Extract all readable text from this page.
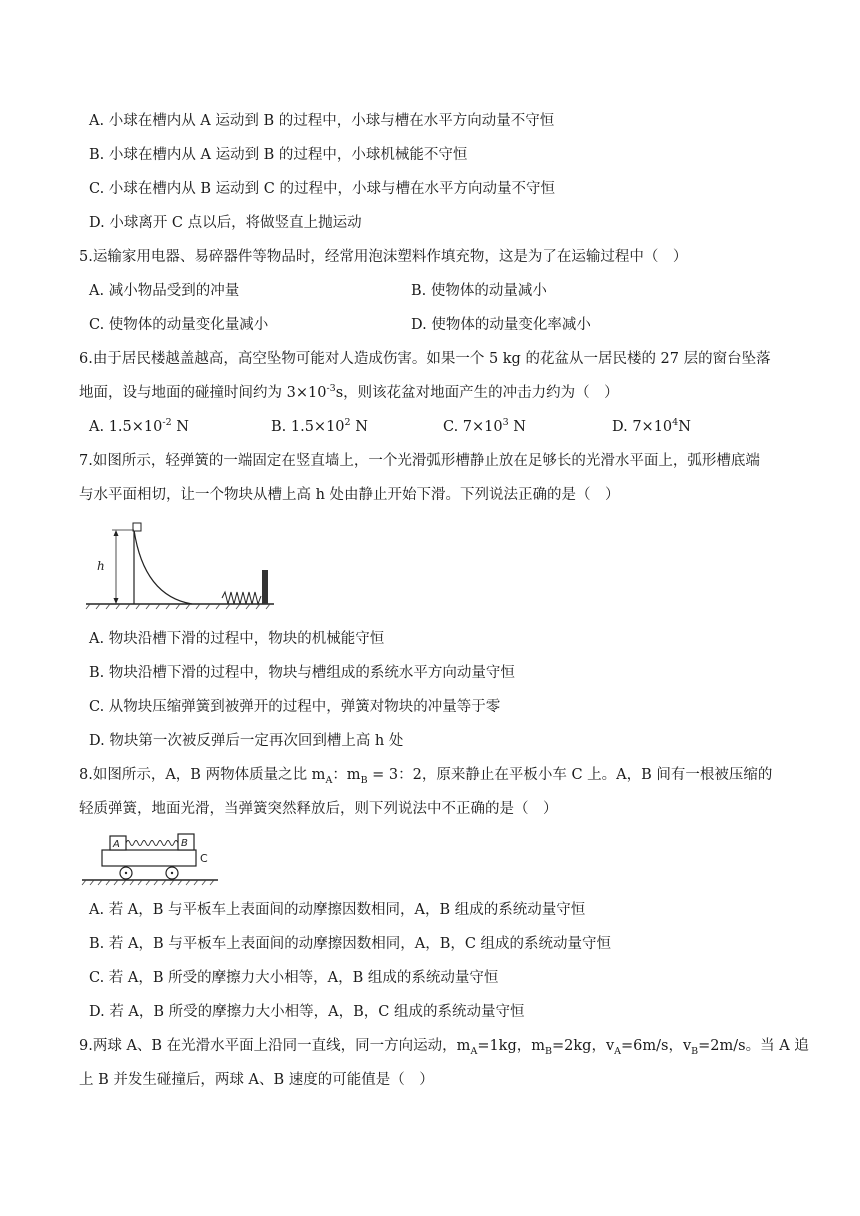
A. 小球在槽内从 A 运动到 B 的过程中，小球与槽在水平方向动量不守恒
B. 小球在槽内从 A 运动到 B 的过程中，小球机械能不守恒
C. 小球在槽内从 B 运动到 C 的过程中，小球与槽在水平方向动量不守恒
D. 小球离开 C 点以后，将做竖直上抛运动
5.运输家用电器、易碎器件等物品时，经常用泡沫塑料作填充物，这是为了在运输过程中（　）
A. 减小物品受到的冲量	B. 使物体的动量减小
C. 使物体的动量变化量减小	D. 使物体的动量变化率减小
6.由于居民楼越盖越高，高空坠物可能对人造成伤害。如果一个 5 kg 的花盆从一居民楼的 27 层的窗台坠落
地面，设与地面的碰撞时间约为 $3\times 10^{-3}s$，则该花盆对地面产生的冲击力约为（　）
A. $1.5\times 10^{-2}$ N	B. $1.5\times 10^2$ N	C. $7\times 10^3$ N	D. $7\times 10^4N$
7.如图所示，轻弹簧的一端固定在竖直墙上，一个光滑弧形槽静止放在足够长的光滑水平面上，弧形槽底端
与水平面相切，让一个物块从槽上高 h 处由静止开始下滑。下列说法正确的是（　）
h
A. 物块沿槽下滑的过程中，物块的机械能守恒
B. 物块沿槽下滑的过程中，物块与槽组成的系统水平方向动量守恒
C. 从物块压缩弹簧到被弹开的过程中，弹簧对物块的冲量等于零
D. 物块第一次被反弹后一定再次回到槽上高 h 处
8.如图所示，A，B 两物体质量之比 $m_A$：$m_B = 3$：2，原来静止在平板小车 C 上。A，B 间有一根被压缩的
轻质弹簧，地面光滑，当弹簧突然释放后，则下列说法中不正确的是（　）
A	B
C
A. 若 A，B 与平板车上表面间的动摩擦因数相同，A，B 组成的系统动量守恒
B. 若 A，B 与平板车上表面间的动摩擦因数相同，A，B，C 组成的系统动量守恒
C. 若 A，B 所受的摩擦力大小相等，A，B 组成的系统动量守恒
D. 若 A，B 所受的摩擦力大小相等，A，B，C 组成的系统动量守恒
9.两球 A、B 在光滑水平面上沿同一直线，同一方向运动，$m_A=1kg$，$m_B=2kg$，$v_A=6m/s$，$v_B=2m/s$。当 A 追
上 B 并发生碰撞后，两球 A、B 速度的可能值是（　）
